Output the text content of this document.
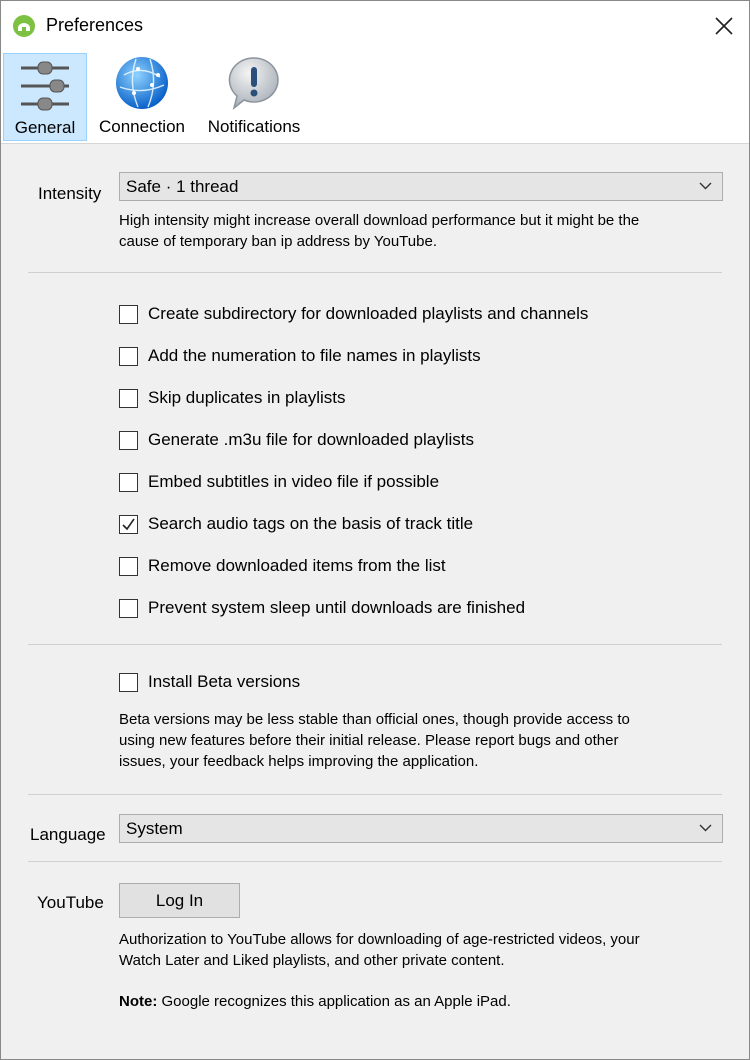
Preferences
General Connection Notifications
Intensity	Safe · 1 thread
High intensity might increase overall download performance but it might be the
cause of temporary ban ip address by YouTube.
Create subdirectory for downloaded playlists and channels
Add the numeration to file names in playlists
Skip duplicates in playlists
Generate .m3u file for downloaded playlists
Embed subtitles in video file if possible
Search audio tags on the basis of track title
Remove downloaded items from the list
Prevent system sleep until downloads are finished
Install Beta versions
Beta versions may be less stable than official ones, though provide access to
using new features before their initial release. Please report bugs and other
issues, your feedback helps improving the application.
Language	System
YouTube	Log In
Authorization to YouTube allows for downloading of age-restricted videos, your
Watch Later and Liked playlists, and other private content.
Note: Google recognizes this application as an Apple iPad.
